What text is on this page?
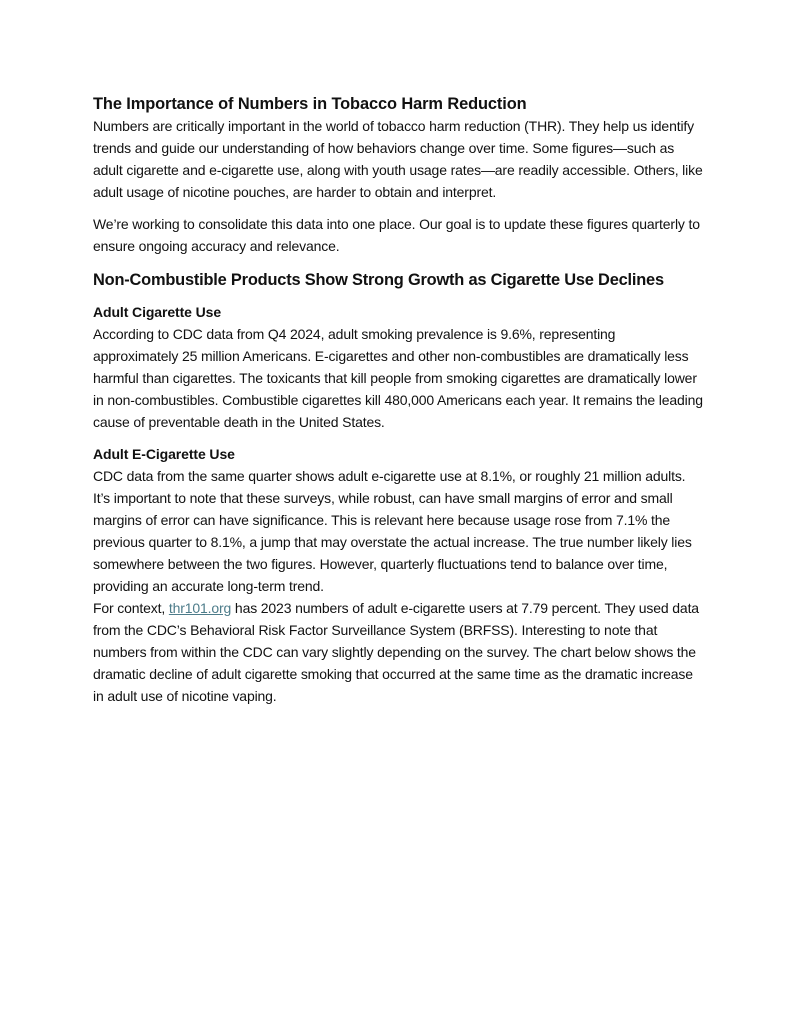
The Importance of Numbers in Tobacco Harm Reduction

Numbers are critically important in the world of tobacco harm reduction (THR). They help us identify trends and guide our understanding of how behaviors change over time. Some figures—such as adult cigarette and e-cigarette use, along with youth usage rates—are readily accessible. Others, like adult usage of nicotine pouches, are harder to obtain and interpret.

We’re working to consolidate this data into one place. Our goal is to update these figures quarterly to ensure ongoing accuracy and relevance.

Non-Combustible Products Show Strong Growth as Cigarette Use Declines
Adult Cigarette Use

According to CDC data from Q4 2024, adult smoking prevalence is 9.6%, representing approximately 25 million Americans. E-cigarettes and other non-combustibles are dramatically less harmful than cigarettes. The toxicants that kill people from smoking cigarettes are dramatically lower in non-combustibles. Combustible cigarettes kill 480,000 Americans each year. It remains the leading cause of preventable death in the United States.

Adult E-Cigarette Use

CDC data from the same quarter shows adult e-cigarette use at 8.1%, or roughly 21 million adults. It’s important to note that these surveys, while robust, can have small margins of error and small margins of error can have significance. This is relevant here because usage rose from 7.1% the previous quarter to 8.1%, a jump that may overstate the actual increase. The true number likely lies somewhere between the two figures. However, quarterly fluctuations tend to balance over time, providing an accurate long-term trend.

For context, thr101.org has 2023 numbers of adult e-cigarette users at 7.79 percent. They used data from the CDC’s Behavioral Risk Factor Surveillance System (BRFSS). Interesting to note that numbers from within the CDC can vary slightly depending on the survey. The chart below shows the dramatic decline of adult cigarette smoking that occurred at the same time as the dramatic increase in adult use of nicotine vaping.
